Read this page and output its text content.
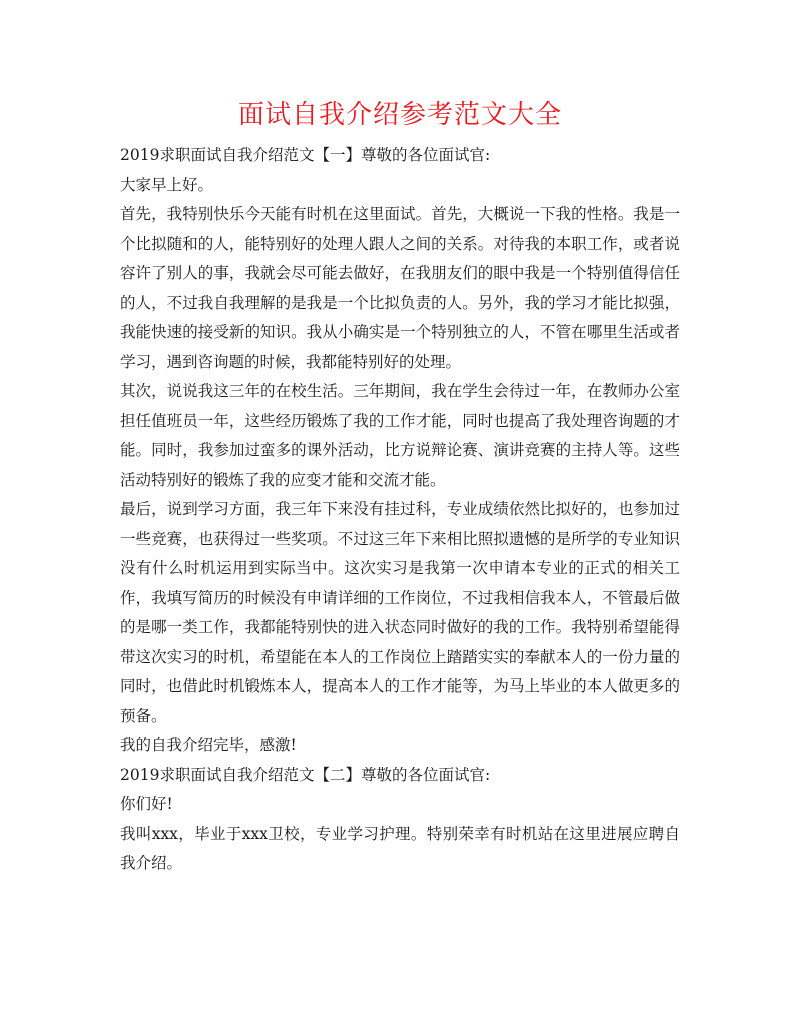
面试自我介绍参考范文大全

2019求职面试自我介绍范文【一】尊敬的各位面试官:

大家早上好。

首先，我特别快乐今天能有时机在这里面试。首先，大概说一下我的性格。我是一个比拟随和的人，能特别好的处理人跟人之间的关系。对待我的本职工作，或者说容许了别人的事，我就会尽可能去做好，在我朋友们的眼中我是一个特别值得信任的人，不过我自我理解的是我是一个比拟负责的人。另外，我的学习才能比拟强，我能快速的接受新的知识。我从小确实是一个特别独立的人，不管在哪里生活或者学习，遇到咨询题的时候，我都能特别好的处理。

其次，说说我这三年的在校生活。三年期间，我在学生会待过一年，在教师办公室担任值班员一年，这些经历锻炼了我的工作才能，同时也提高了我处理咨询题的才能。同时，我参加过蛮多的课外活动，比方说辩论赛、演讲竞赛的主持人等。这些活动特别好的锻炼了我的应变才能和交流才能。

最后，说到学习方面，我三年下来没有挂过科，专业成绩依然比拟好的，也参加过一些竞赛，也获得过一些奖项。不过这三年下来相比照拟遗憾的是所学的专业知识没有什么时机运用到实际当中。这次实习是我第一次申请本专业的正式的相关工作，我填写简历的时候没有申请详细的工作岗位，不过我相信我本人，不管最后做的是哪一类工作，我都能特别快的进入状态同时做好的我的工作。我特别希望能得带这次实习的时机，希望能在本人的工作岗位上踏踏实实的奉献本人的一份力量的同时，也借此时机锻炼本人，提高本人的工作才能等，为马上毕业的本人做更多的预备。

我的自我介绍完毕，感激!

2019求职面试自我介绍范文【二】尊敬的各位面试官:

你们好!

我叫xxx，毕业于xxx卫校，专业学习护理。特别荣幸有时机站在这里进展应聘自我介绍。
